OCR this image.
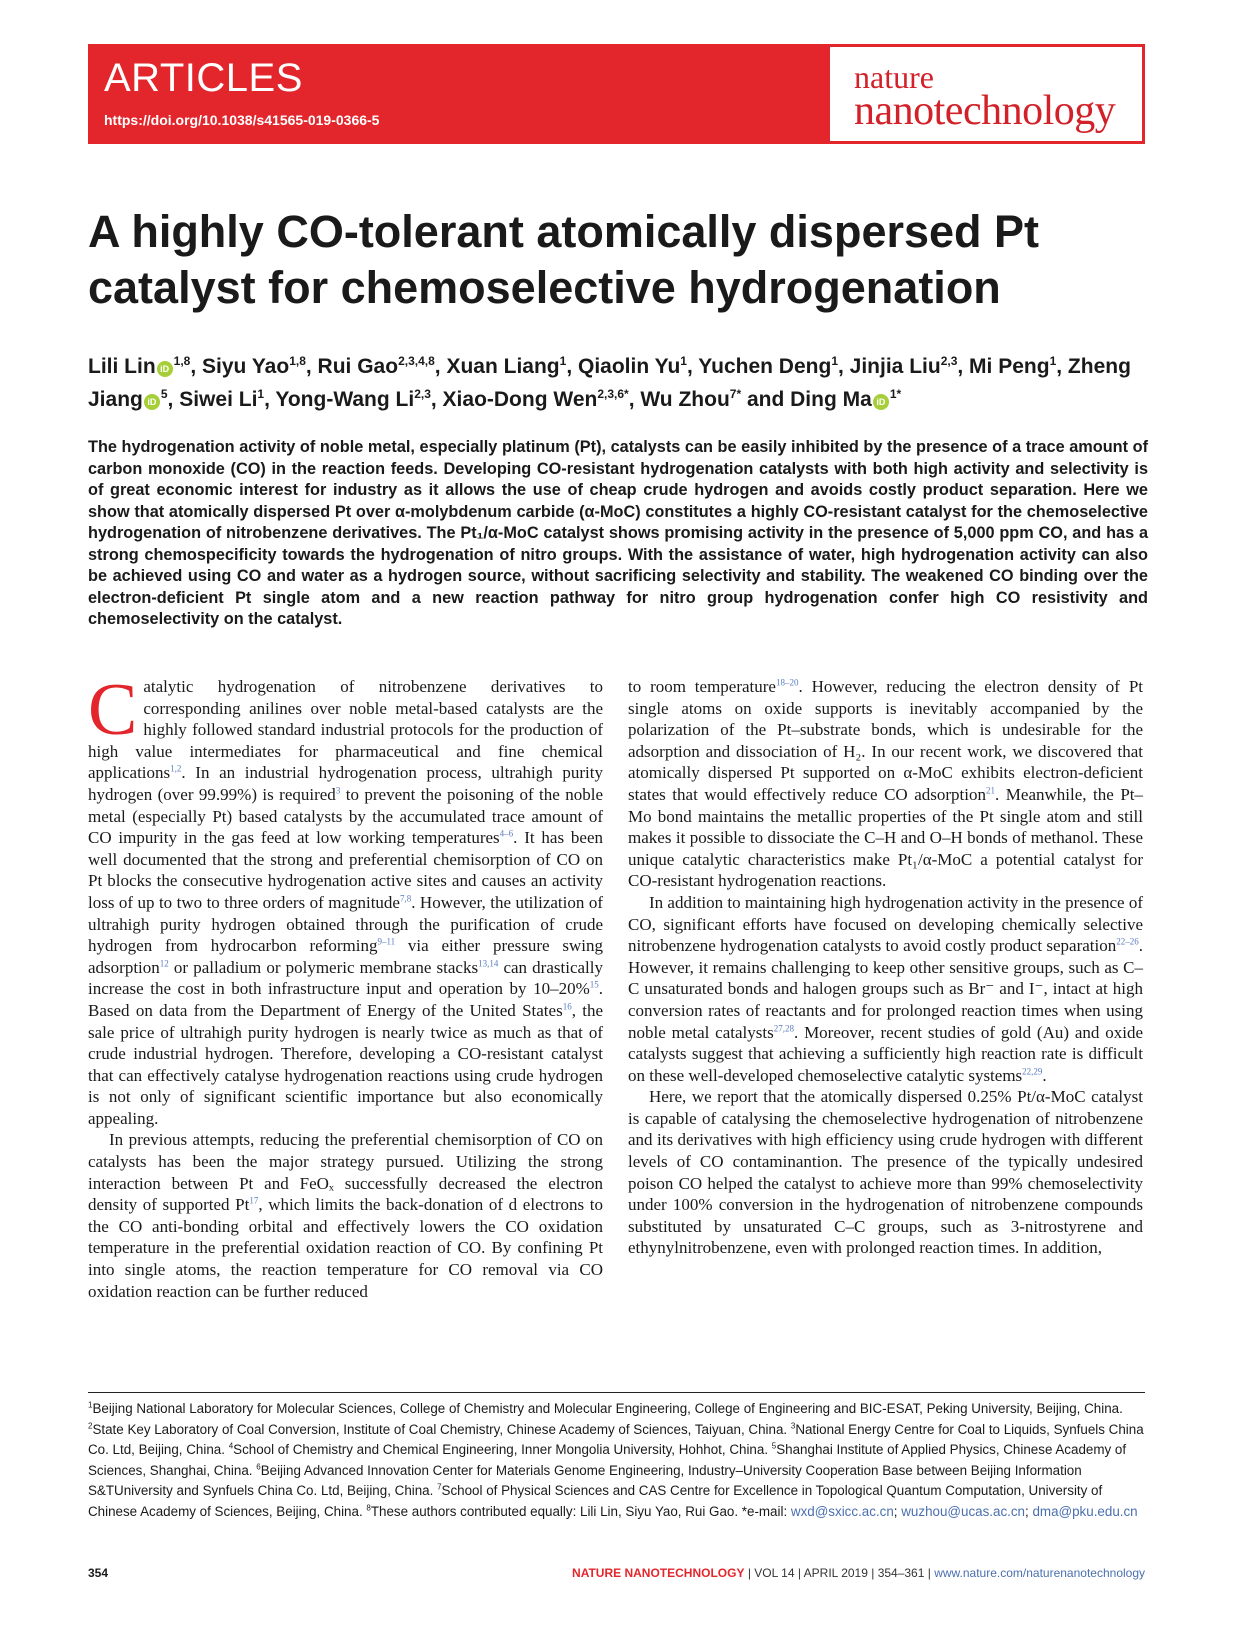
ARTICLES
https://doi.org/10.1038/s41565-019-0366-5
nature
nanotechnology
A highly CO-tolerant atomically dispersed Pt catalyst for chemoselective hydrogenation
Lili Lin iD$^{1,8}$, Siyu Yao$^{1,8}$, Rui Gao$^{2,3,4,8}$, Xuan Liang$^1$, Qiaolin Yu$^1$, Yuchen Deng$^1$, Jinjia Liu$^{2,3}$, Mi Peng$^1$, Zheng Jiang $iD^5$, Siwei Li$^1$, Yong-Wang Li$^{2,3}$, Xiao-Dong Wen$^{2,3,6*}$, Wu Zhou$^{7*}$ and Ding Ma $iD^{1*}$

The hydrogenation activity of noble metal, especially platinum (Pt), catalysts can be easily inhibited by the presence of a trace amount of carbon monoxide (CO) in the reaction feeds. Developing CO-resistant hydrogenation catalysts with both high activity and selectivity is of great economic interest for industry as it allows the use of cheap crude hydrogen and avoids costly product separation. Here we show that atomically dispersed Pt over α-molybdenum carbide (α-MoC) constitutes a highly CO-resistant catalyst for the chemoselective hydrogenation of nitrobenzene derivatives. The Pt₁/α-MoC catalyst shows promising activity in the presence of 5,000 ppm CO, and has a strong chemospecificity towards the hydrogenation of nitro groups. With the assistance of water, high hydrogenation activity can also be achieved using CO and water as a hydrogen source, without sacrificing selectivity and stability. The weakened CO binding over the electron-deficient Pt single atom and a new reaction pathway for nitro group hydrogenation confer high CO resistivity and chemoselectivity on the catalyst.

Catalytic hydrogenation of nitrobenzene derivatives to corresponding anilines over noble metal-based catalysts are the highly followed standard industrial protocols for the production of high value intermediates for pharmaceutical and fine chemical applications$^{1,2}$. In an industrial hydrogenation process, ultrahigh purity hydrogen (over 99.99%) is required$^3$ to prevent the poisoning of the noble metal (especially Pt) based catalysts by the accumulated trace amount of CO impurity in the gas feed at low working temperatures$^{4-6}$. It has been well documented that the strong and preferential chemisorption of CO on Pt blocks the consecutive hydrogenation active sites and causes an activity loss of up to two to three orders of magnitude$^{7,8}$. However, the utilization of ultrahigh purity hydrogen obtained through the purification of crude hydrogen from hydrocarbon reforming$^{9-11}$ via either pressure swing adsorption$^{12}$ or palladium or polymeric membrane stacks$^{13,14}$ can drastically increase the cost in both infrastructure input and operation by 10–20%$^{15}$. Based on data from the Department of Energy of the United States$^{16}$, the sale price of ultrahigh purity hydrogen is nearly twice as much as that of crude industrial hydrogen. Therefore, developing a CO-resistant catalyst that can effectively catalyse hydrogenation reactions using crude hydrogen is not only of significant scientific importance but also economically appealing.

In previous attempts, reducing the preferential chemisorption of CO on catalysts has been the major strategy pursued. Utilizing the strong interaction between Pt and FeOₓ successfully decreased the electron density of supported Pt$^{17}$, which limits the back-donation of d electrons to the CO anti-bonding orbital and effectively lowers the CO oxidation temperature in the preferential oxidation reaction of CO. By confining Pt into single atoms, the reaction temperature for CO removal via CO oxidation reaction can be further reduced

to room temperature$^{18-20}$. However, reducing the electron density of Pt single atoms on oxide supports is inevitably accompanied by the polarization of the Pt–substrate bonds, which is undesirable for the adsorption and dissociation of H₂. In our recent work, we discovered that atomically dispersed Pt supported on α-MoC exhibits electron-deficient states that would effectively reduce CO adsorption$^{21}$. Meanwhile, the Pt–Mo bond maintains the metallic properties of the Pt single atom and still makes it possible to dissociate the C–H and O–H bonds of methanol. These unique catalytic characteristics make Pt₁/α-MoC a potential catalyst for CO-resistant hydrogenation reactions.

In addition to maintaining high hydrogenation activity in the presence of CO, significant efforts have focused on developing chemically selective nitrobenzene hydrogenation catalysts to avoid costly product separation$^{22-26}$. However, it remains challenging to keep other sensitive groups, such as C–C unsaturated bonds and halogen groups such as Br⁻ and I⁻, intact at high conversion rates of reactants and for prolonged reaction times when using noble metal catalysts$^{27,28}$. Moreover, recent studies of gold (Au) and oxide catalysts suggest that achieving a sufficiently high reaction rate is difficult on these well-developed chemoselective catalytic systems$^{22,29}$.

Here, we report that the atomically dispersed 0.25% Pt/α-MoC catalyst is capable of catalysing the chemoselective hydrogenation of nitrobenzene and its derivatives with high efficiency using crude hydrogen with different levels of CO contaminantion. The presence of the typically undesired poison CO helped the catalyst to achieve more than 99% chemoselectivity under 100% conversion in the hydrogenation of nitrobenzene compounds substituted by unsaturated C–C groups, such as 3-nitrostyrene and ethynylnitrobenzene, even with prolonged reaction times. In addition,

$^1$Beijing National Laboratory for Molecular Sciences, College of Chemistry and Molecular Engineering, College of Engineering and BIC-ESAT, Peking University, Beijing, China. $^2$State Key Laboratory of Coal Conversion, Institute of Coal Chemistry, Chinese Academy of Sciences, Taiyuan, China. $^3$National Energy Centre for Coal to Liquids, Synfuels China Co. Ltd, Beijing, China. $^4$School of Chemistry and Chemical Engineering, Inner Mongolia University, Hohhot, China. $^5$Shanghai Institute of Applied Physics, Chinese Academy of Sciences, Shanghai, China. $^6$Beijing Advanced Innovation Center for Materials Genome Engineering, Industry–University Cooperation Base between Beijing Information S&TUniversity and Synfuels China Co. Ltd, Beijing, China. $^7$School of Physical Sciences and CAS Centre for Excellence in Topological Quantum Computation, University of Chinese Academy of Sciences, Beijing, China. $^8$These authors contributed equally: Lili Lin, Siyu Yao, Rui Gao. *e-mail: wxd@sxicc.ac.cn; wuzhou@ucas.ac.cn; dma@pku.edu.cn
354	NATURE NANOTECHNOLOGY | VOL 14 | APRIL 2019 | 354–361 | www.nature.com/naturenanotechnology
